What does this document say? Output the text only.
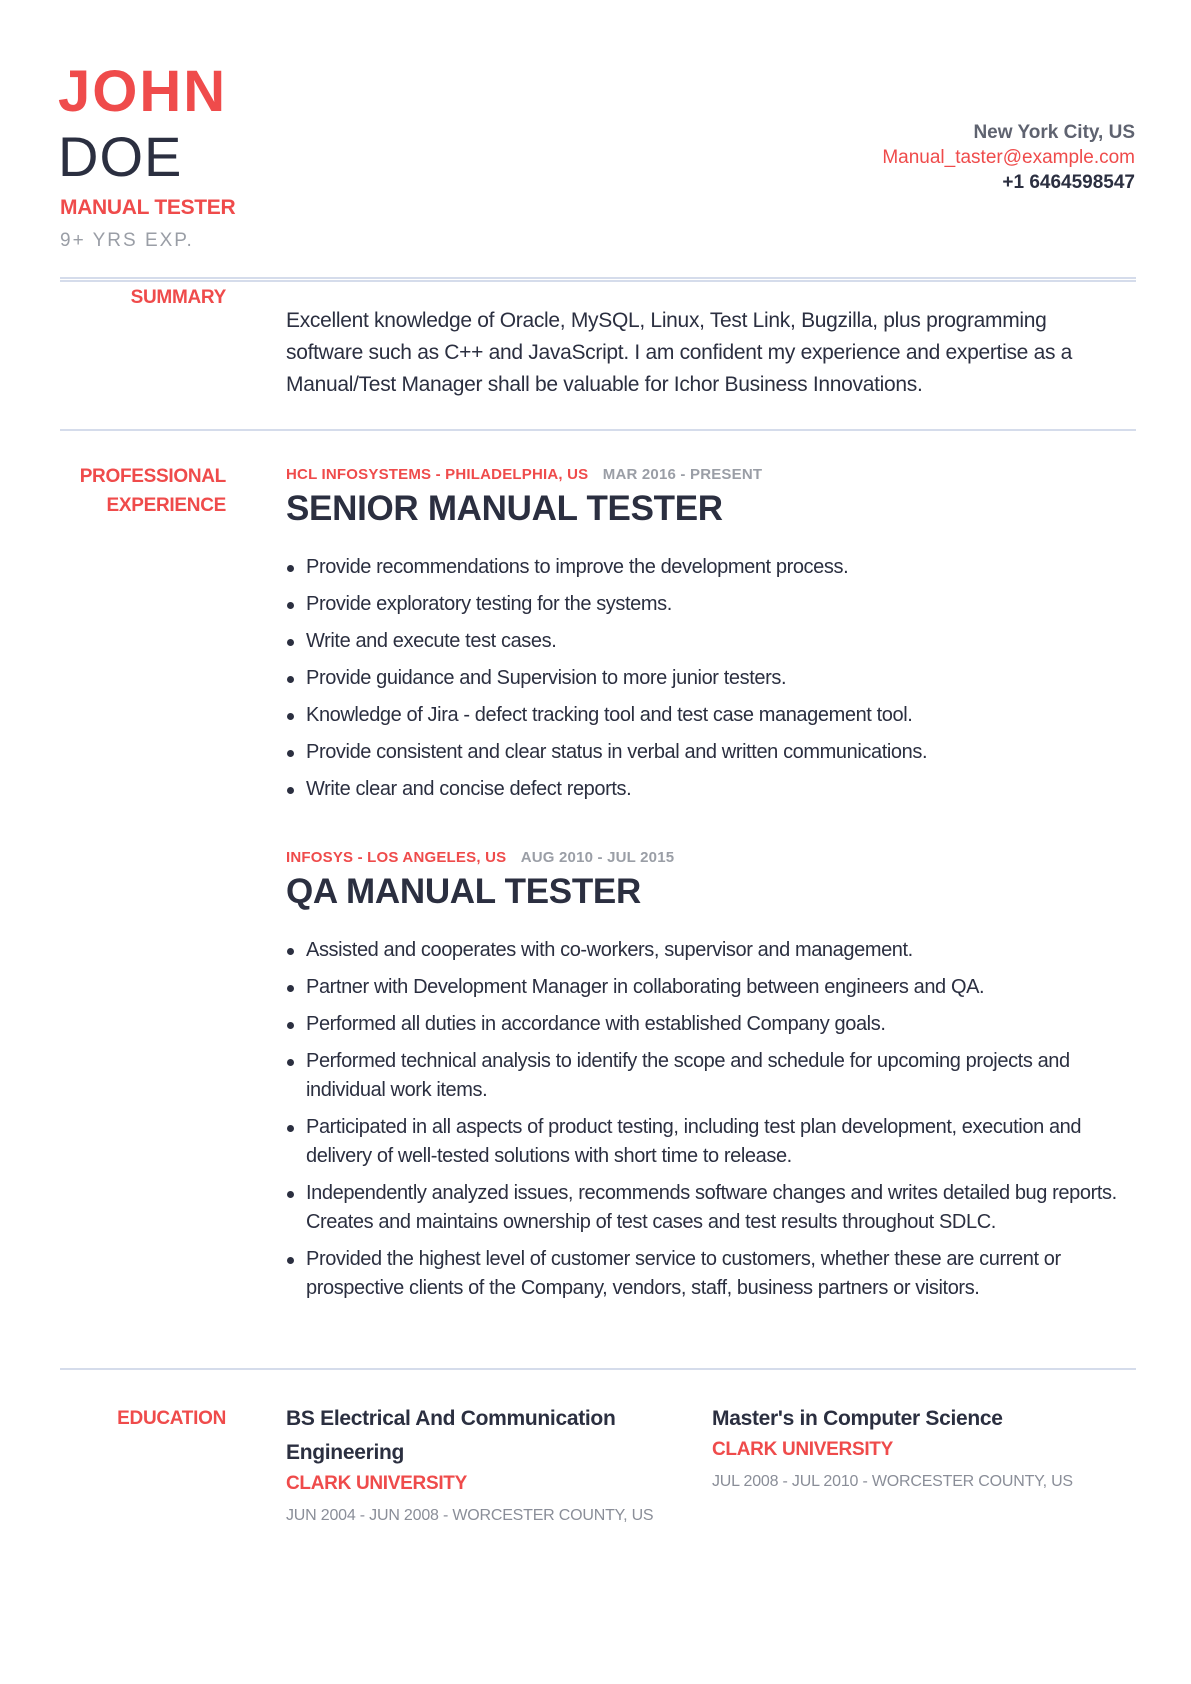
JOHN
DOE
MANUAL TESTER
9+ YRS EXP.
New York City, US
Manual_taster@example.com
+1 6464598547
SUMMARY
Excellent knowledge of Oracle, MySQL, Linux, Test Link, Bugzilla, plus programming software such as C++ and JavaScript. I am confident my experience and expertise as a Manual/Test Manager shall be valuable for Ichor Business Innovations.
PROFESSIONAL
EXPERIENCE
HCL INFOSYSTEMS - PHILADELPHIA, US MAR 2016 - PRESENT
SENIOR MANUAL TESTER
Provide recommendations to improve the development process.
Provide exploratory testing for the systems.
Write and execute test cases.
Provide guidance and Supervision to more junior testers.
Knowledge of Jira - defect tracking tool and test case management tool.
Provide consistent and clear status in verbal and written communications.
Write clear and concise defect reports.
INFOSYS - LOS ANGELES, US AUG 2010 - JUL 2015
QA MANUAL TESTER
Assisted and cooperates with co-workers, supervisor and management.
Partner with Development Manager in collaborating between engineers and QA.
Performed all duties in accordance with established Company goals.
Performed technical analysis to identify the scope and schedule for upcoming projects and individual work items.
Participated in all aspects of product testing, including test plan development, execution and delivery of well-tested solutions with short time to release.
Independently analyzed issues, recommends software changes and writes detailed bug reports. Creates and maintains ownership of test cases and test results throughout SDLC.
Provided the highest level of customer service to customers, whether these are current or prospective clients of the Company, vendors, staff, business partners or visitors.
EDUCATION	BS Electrical And Communication Engineering
CLARK UNIVERSITY
JUN 2004 - JUN 2008 - WORCESTER COUNTY, US
Master's in Computer Science
CLARK UNIVERSITY
JUL 2008 - JUL 2010 - WORCESTER COUNTY, US
